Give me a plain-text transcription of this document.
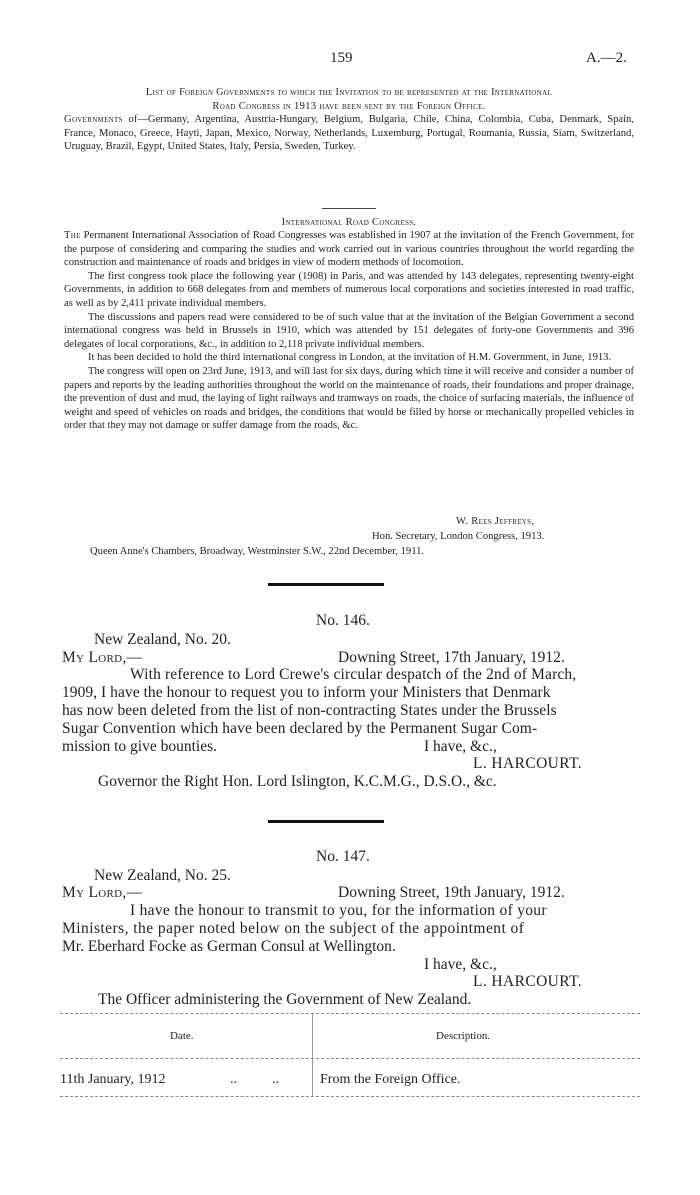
159	A.—2.
List of Foreign Governments to which the Invitation to be represented at the International
Road Congress in 1913 have been sent by the Foreign Office.

Governments of—Germany, Argentina, Austria-Hungary, Belgium, Bulgaria, Chile, China, Colombia, Cuba, Denmark, Spain, France, Monaco, Greece, Hayti, Japan, Mexico, Norway, Netherlands, Luxemburg, Portugal, Roumania, Russia, Siam, Switzerland, Uruguay, Brazil, Egypt, United States, Italy, Persia, Sweden, Turkey.

International Road Congress.

The Permanent International Association of Road Congresses was established in 1907 at the invitation of the French Government, for the purpose of considering and comparing the studies and work carried out in various countries throughout the world regarding the construction and maintenance of roads and bridges in view of modern methods of locomotion.

The first congress took place the following year (1908) in Paris, and was attended by 143 delegates, representing twenty-eight Governments, in addition to 668 delegates from and members of numerous local corporations and societies interested in road traffic, as well as by 2,411 private individual members.

The discussions and papers read were considered to be of such value that at the invitation of the Belgian Government a second international congress was held in Brussels in 1910, which was attended by 151 delegates of forty-one Governments and 396 delegates of local corporations, &c., in addition to 2,118 private individual members.

It has been decided to hold the third international congress in London, at the invitation of H.M. Government, in June, 1913.

The congress will open on 23rd June, 1913, and will last for six days, during which time it will receive and consider a number of papers and reports by the leading authorities throughout the world on the maintenance of roads, their foundations and proper drainage, the prevention of dust and mud, the laying of light railways and tramways on roads, the choice of surfacing materials, the influence of weight and speed of vehicles on roads and bridges, the conditions that would be filled by horse or mechanically propelled vehicles in order that they may not damage or suffer damage from the roads, &c.

W. Rees Jeffreys,
Hon. Secretary, London Congress, 1913.
Queen Anne's Chambers, Broadway, Westminster S.W., 22nd December, 1911.
No. 146.
New Zealand, No. 20.
My Lord,—	Downing Street, 17th January, 1912.
With reference to Lord Crewe's circular despatch of the 2nd of March,
1909, I have the honour to request you to inform your Ministers that Denmark
has now been deleted from the list of non-contracting States under the Brussels
Sugar Convention which have been declared by the Permanent Sugar Com-
mission to give bounties.	I have, &c.,
L. HARCOURT.
Governor the Right Hon. Lord Islington, K.C.M.G., D.S.O., &c.
No. 147.
New Zealand, No. 25.
My Lord,—	Downing Street, 19th January, 1912.
I have the honour to transmit to you, for the information of your
Ministers, the paper noted below on the subject of the appointment of
Mr. Eberhard Focke as German Consul at Wellington.
I have, &c.,
L. HARCOURT.
The Officer administering the Government of New Zealand.
Date.	Description.
11th January, 1912	..          ..	From the Foreign Office.
